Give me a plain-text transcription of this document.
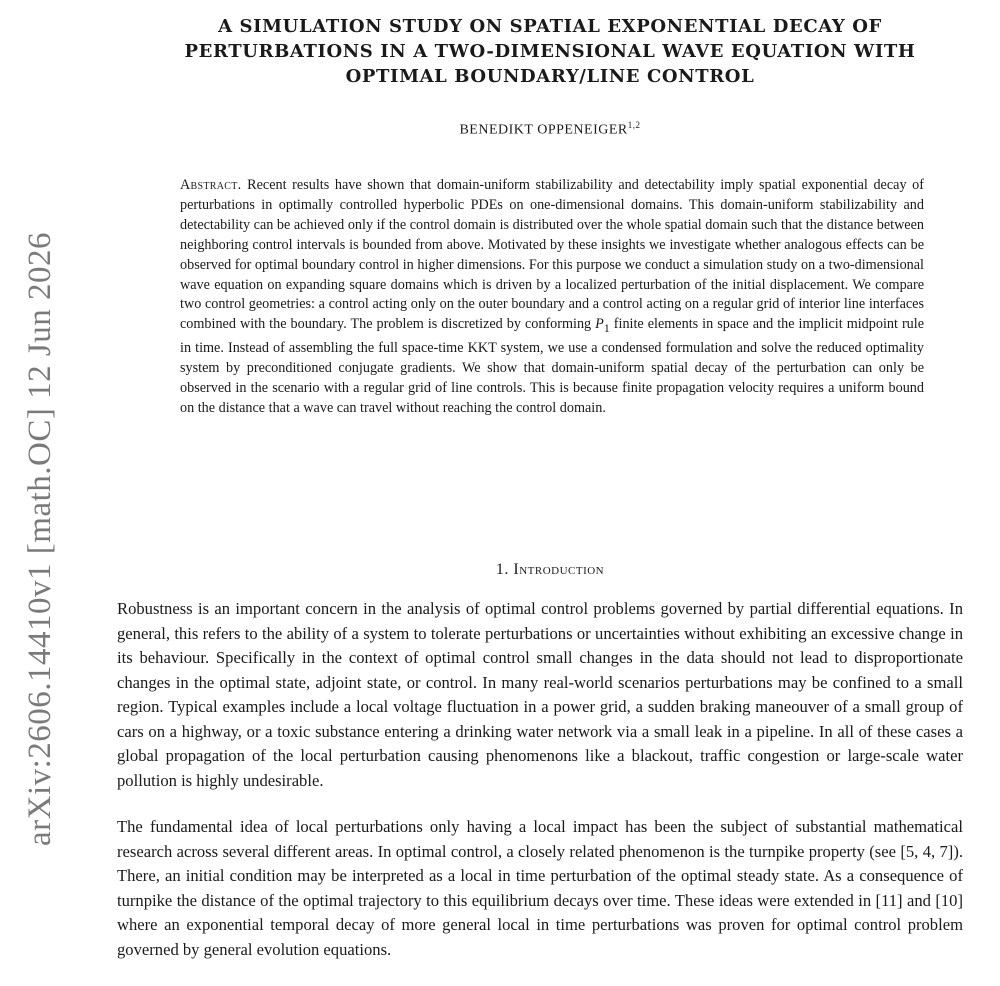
arXiv:2606.14410v1 [math.OC] 12 Jun 2026
A SIMULATION STUDY ON SPATIAL EXPONENTIAL DECAY OF PERTURBATIONS IN A TWO-DIMENSIONAL WAVE EQUATION WITH OPTIMAL BOUNDARY/LINE CONTROL
BENEDIKT OPPENEIGER$^{1,2}$

Abstract. Recent results have shown that domain-uniform stabilizability and detectability imply spatial exponential decay of perturbations in optimally controlled hyperbolic PDEs on one-dimensional domains. This domain-uniform stabilizability and detectability can be achieved only if the control domain is distributed over the whole spatial domain such that the distance between neighboring control intervals is bounded from above. Motivated by these insights we investigate whether analogous effects can be observed for optimal boundary control in higher dimensions. For this purpose we conduct a simulation study on a two-dimensional wave equation on expanding square domains which is driven by a localized perturbation of the initial displacement. We compare two control geometries: a control acting only on the outer boundary and a control acting on a regular grid of interior line interfaces combined with the boundary. The problem is discretized by conforming $P_1$ finite elements in space and the implicit midpoint rule in time. Instead of assembling the full space-time KKT system, we use a condensed formulation and solve the reduced optimality system by preconditioned conjugate gradients. We show that domain-uniform spatial decay of the perturbation can only be observed in the scenario with a regular grid of line controls. This is because finite propagation velocity requires a uniform bound on the distance that a wave can travel without reaching the control domain.

1. Introduction

Robustness is an important concern in the analysis of optimal control problems governed by partial differential equations. In general, this refers to the ability of a system to tolerate perturbations or uncertainties without exhibiting an excessive change in its behaviour. Specifically in the context of optimal control small changes in the data should not lead to disproportionate changes in the optimal state, adjoint state, or control. In many real-world scenarios perturbations may be confined to a small region. Typical examples include a local voltage fluctuation in a power grid, a sudden braking maneouver of a small group of cars on a highway, or a toxic substance entering a drinking water network via a small leak in a pipeline. In all of these cases a global propagation of the local perturbation causing phenomenons like a blackout, traffic congestion or large-scale water pollution is highly undesirable.

The fundamental idea of local perturbations only having a local impact has been the subject of substantial mathematical research across several different areas. In optimal control, a closely related phenomenon is the turnpike property (see [5, 4, 7]). There, an initial condition may be interpreted as a local in time perturbation of the optimal steady state. As a consequence of turnpike the distance of the optimal trajectory to this equilibrium decays over time. These ideas were extended in [11] and [10] where an exponential temporal decay of more general local in time perturbations was proven for optimal control problem governed by general evolution equations.
